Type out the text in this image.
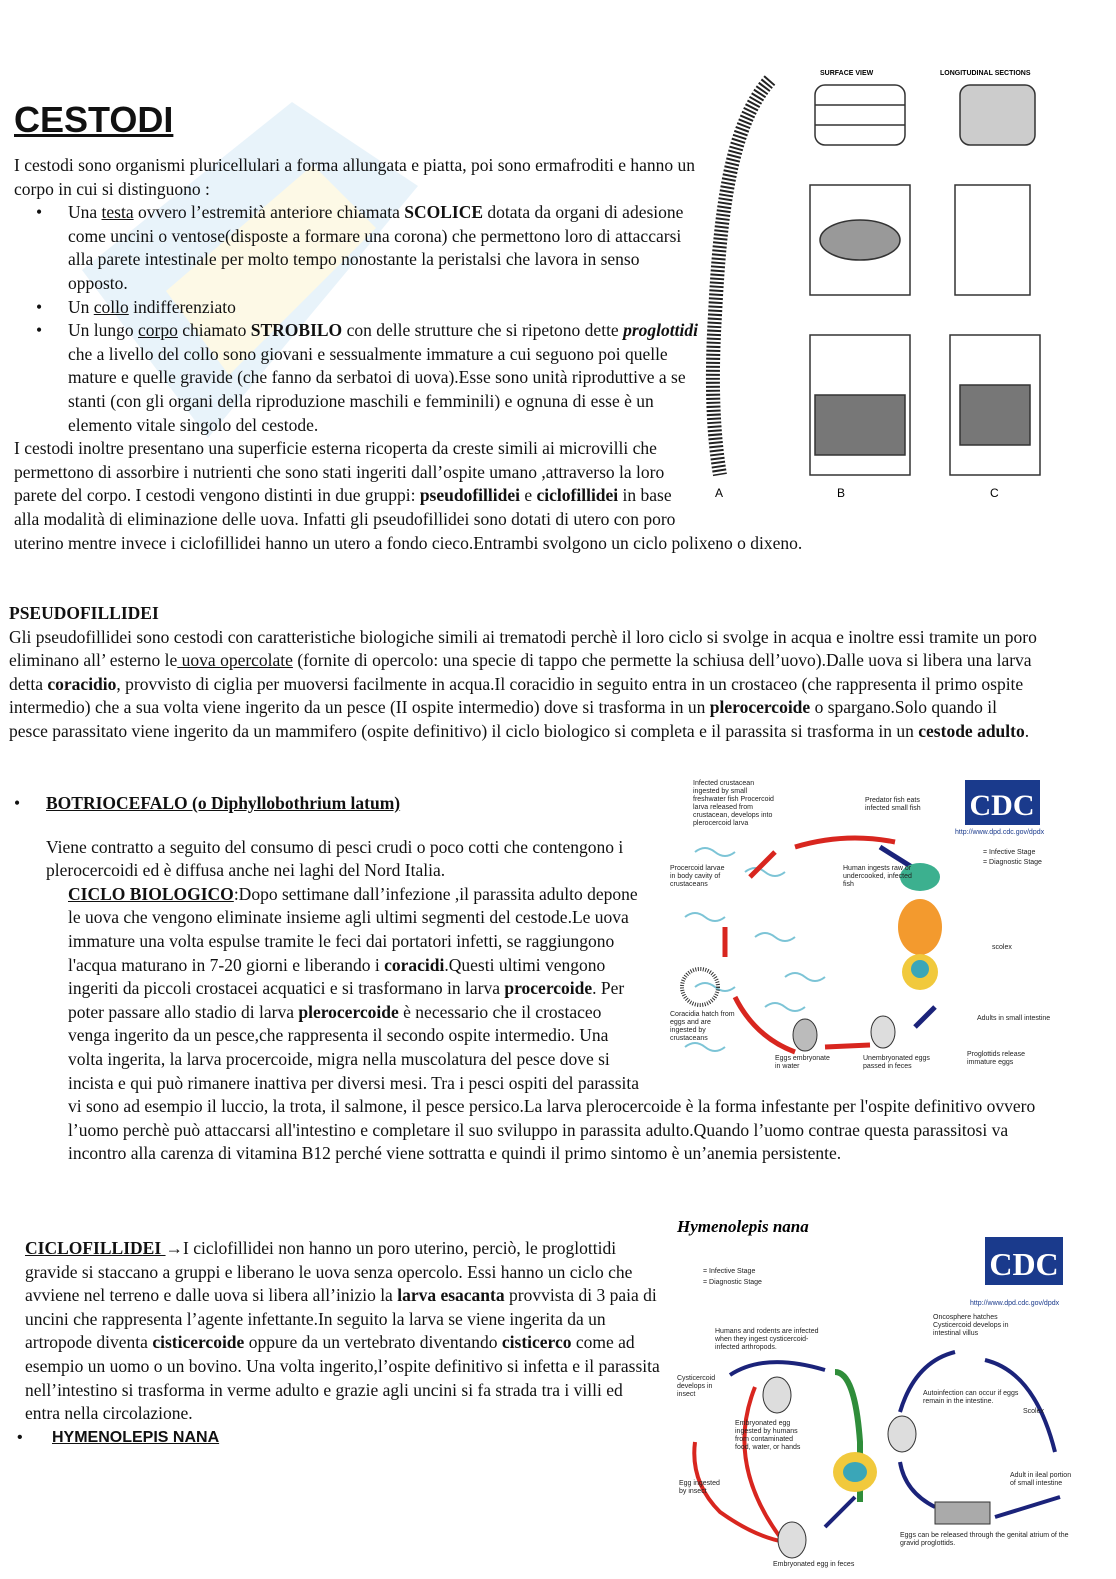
CESTODI

I cestodi sono organismi pluricellulari a forma allungata e piatta, poi sono ermafroditi e hanno un corpo in cui si distinguono :

• Una testa ovvero l’estremità anteriore chiamata SCOLICE dotata da organi di adesione come uncini o ventose(disposte a formare una corona) che permettono loro di attaccarsi alla parete intestinale per molto tempo nonostante la peristalsi che lavora in senso opposto.
• Un collo indifferenziato
• Un lungo corpo chiamato STROBILO con delle strutture che si ripetono dette proglottidi che a livello del collo sono giovani e sessualmente immature a cui seguono poi quelle mature e quelle gravide (che fanno da serbatoi di uova).Esse sono unità riproduttive a se stanti (con gli organi della riproduzione maschili e femminili) e ognuna di esse è un elemento vitale singolo del cestode.

I cestodi inoltre presentano una superficie esterna ricoperta da creste simili ai microvilli che permettono di assorbire i nutrienti che sono stati ingeriti dall’ospite umano ,attraverso la loro parete del corpo. I cestodi vengono distinti in due gruppi: pseudofillidei e ciclofillidei in base alla modalità di eliminazione delle uova. Infatti gli pseudofillidei sono dotati di utero con poro uterino mentre invece i ciclofillidei hanno un utero a fondo cieco.Entrambi svolgono un ciclo polixeno o dixeno.

SURFACE VIEW	LONGITUDINAL SECTIONS
A	B	C
PSEUDOFILLIDEI

Gli pseudofillidei sono cestodi con caratteristiche biologiche simili ai trematodi perchè il loro ciclo si svolge in acqua e inoltre essi tramite un poro eliminano all’ esterno le uova opercolate (fornite di opercolo: una specie di tappo che permette la schiusa dell’uovo).Dalle uova si libera una larva detta coracidio, provvisto di ciglia per muoversi facilmente in acqua.Il coracidio in seguito entra in un crostaceo (che rappresenta il primo ospite intermedio) che a sua volta viene ingerito da un pesce (II ospite intermedio) dove si trasforma in un plerocercoide o spargano.Solo quando il pesce parassitato viene ingerito da un mammifero (ospite definitivo) il ciclo biologico si completa e il parassita si trasforma in un cestode adulto.

• BOTRIOCEFALO (o Diphyllobothrium latum)

Viene contratto a seguito del consumo di pesci crudi o poco cotti che contengono i plerocercoidi ed è diffusa anche nei laghi del Nord Italia.

CICLO BIOLOGICO:Dopo settimane dall’infezione ,il parassita adulto depone le uova che vengono eliminate insieme agli ultimi segmenti del cestode.Le uova immature una volta espulse tramite le feci dai portatori infetti, se raggiungono l'acqua maturano in 7-20 giorni e liberando i coracidi.Questi ultimi vengono ingeriti da piccoli crostacei acquatici e si trasformano in larva procercoide. Per poter passare allo stadio di larva plerocercoide è necessario che il crostaceo venga ingerito da un pesce,che rappresenta il secondo ospite intermedio. Una volta ingerita, la larva procercoide, migra nella muscolatura del pesce dove si incista e qui può rimanere inattiva per diversi mesi. Tra i pesci ospiti del parassita vi sono ad esempio il luccio, la trota, il salmone, il pesce persico.La larva plerocercoide è la forma infestante per l'ospite definitivo ovvero l’uomo perchè può attaccarsi all'intestino e completare il suo sviluppo in parassita adulto.Quando l’uomo contrae questa parassitosi va incontro alla carenza di vitamina B12 perché viene sottratta e quindi il primo sintomo è un’anemia persistente.

CDC
http://www.dpd.cdc.gov/dpdx
= Infective Stage
= Diagnostic Stage
Infected crustacean ingested by small freshwater fish Procercoid larva released from crustacean, develops into plerocercoid larva
Predator fish eats infected small fish
Human ingests raw or undercooked, infected fish
Procercoid larvae in body cavity of crustaceans
Coracidia hatch from eggs and are ingested by crustaceans
Eggs embryonate in water
Unembryonated eggs passed in feces
Proglottids release immature eggs
Adults in small intestine
scolex

CICLOFILLIDEI →I ciclofillidei non hanno un poro uterino, perciò, le proglottidi gravide si staccano a gruppi e liberano le uova senza opercolo. Essi hanno un ciclo che avviene nel terreno e dalle uova si libera all’inizio la larva esacanta provvista di 3 paia di uncini che rappresenta l’agente infettante.In seguito la larva se viene ingerita da un artropode diventa cisticercoide oppure da un vertebrato diventando cisticerco come ad esempio un uomo o un bovino. Una volta ingerito,l’ospite definitivo si infetta e il parassita nell’intestino si trasforma in verme adulto e grazie agli uncini si fa strada tra i villi ed entra nella circolazione.

• HYMENOLEPIS NANA
Hymenolepis nana
CDC
http://www.dpd.cdc.gov/dpdx
= Infective Stage
= Diagnostic Stage
Humans and rodents are infected when they ingest cysticercoid-infected arthropods.
Cysticercoid develops in insect
Embryonated egg ingested by humans from contaminated food, water, or hands
Egg ingested by insect
Oncosphere hatches Cysticercoid develops in intestinal villus
Scolex
Autoinfection can occur if eggs remain in the intestine.
Adult in ileal portion of small intestine
Eggs can be released through the genital atrium of the gravid proglottids.
Embryonated egg in feces
